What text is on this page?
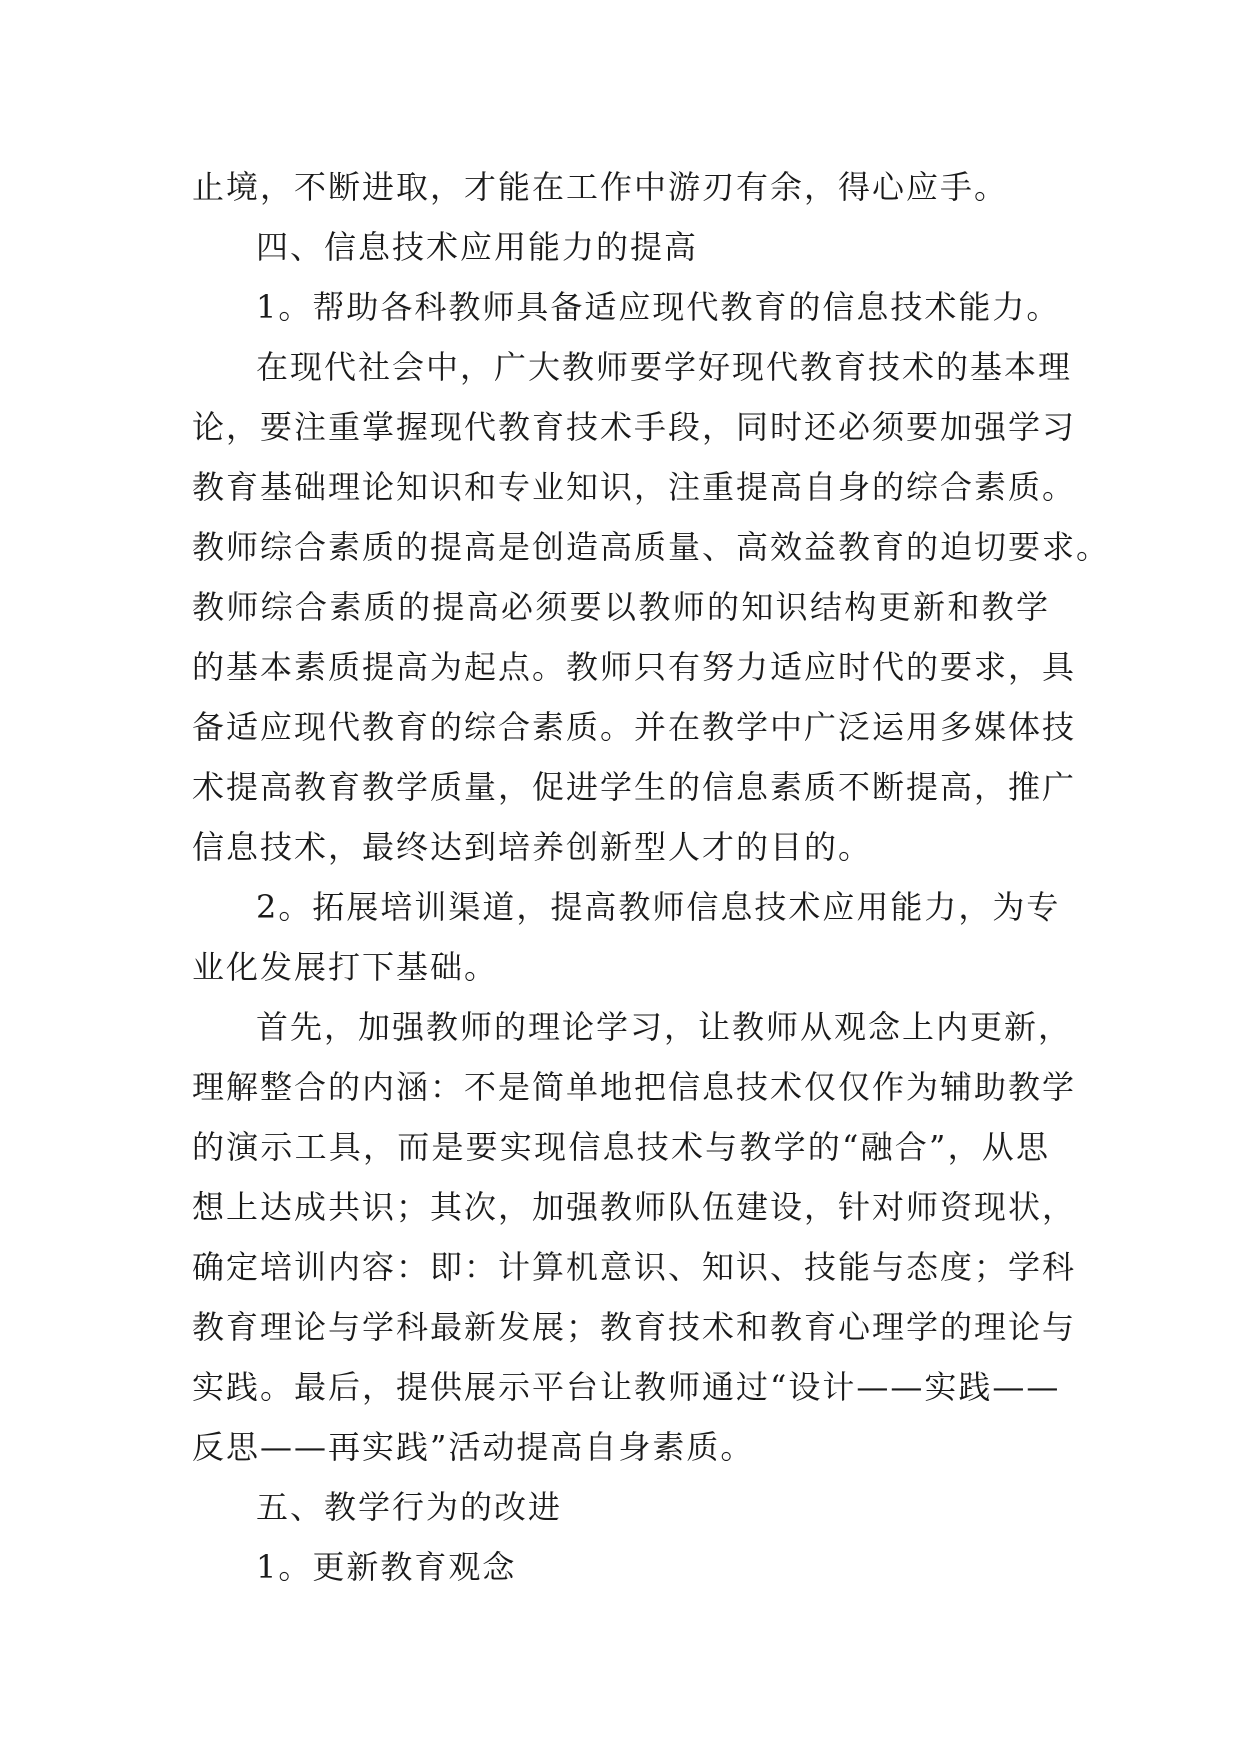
止境，不断进取，才能在工作中游刃有余，得心应手。
四、信息技术应用能力的提高
1。帮助各科教师具备适应现代教育的信息技术能力。
在现代社会中，广大教师要学好现代教育技术的基本理
论，要注重掌握现代教育技术手段，同时还必须要加强学习
教育基础理论知识和专业知识，注重提高自身的综合素质。
教师综合素质的提高是创造高质量、高效益教育的迫切要求。
教师综合素质的提高必须要以教师的知识结构更新和教学
的基本素质提高为起点。教师只有努力适应时代的要求，具
备适应现代教育的综合素质。并在教学中广泛运用多媒体技
术提高教育教学质量，促进学生的信息素质不断提高，推广
信息技术，最终达到培养创新型人才的目的。
2。拓展培训渠道，提高教师信息技术应用能力，为专
业化发展打下基础。
首先，加强教师的理论学习，让教师从观念上内更新，
理解整合的内涵：不是简单地把信息技术仅仅作为辅助教学
的演示工具，而是要实现信息技术与教学的“融合”，从思
想上达成共识；其次，加强教师队伍建设，针对师资现状，
确定培训内容：即：计算机意识、知识、技能与态度；学科
教育理论与学科最新发展；教育技术和教育心理学的理论与
实践。最后，提供展示平台让教师通过“设计——实践——
反思——再实践”活动提高自身素质。
五、教学行为的改进
1。更新教育观念
